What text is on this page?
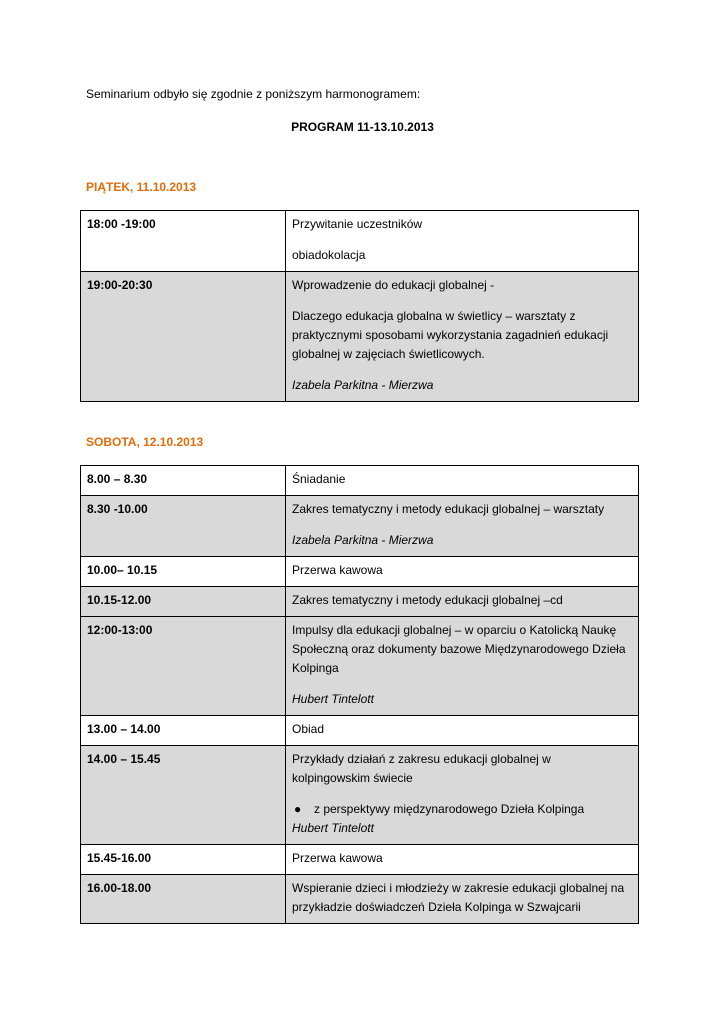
Seminarium odbyło się zgodnie z poniższym harmonogramem:
PROGRAM 11-13.10.2013
PIĄTEK, 11.10.2013
18:00 -19:00	Przywitanie uczestników
obiadokolacja

19:00-20:30	Wprowadzenie do edukacji globalnej -
Dlaczego edukacja globalna w świetlicy – warsztaty z praktycznymi sposobami wykorzystania zagadnień edukacji globalnej w zajęciach świetlicowych.
Izabela Parkitna - Mierzwa
SOBOTA, 12.10.2013
8.00 – 8.30	Śniadanie

8.30 -10.00	Zakres tematyczny i metody edukacji globalnej – warsztaty
Izabela Parkitna - Mierzwa

10.00– 10.15	Przerwa kawowa

10.15-12.00	Zakres tematyczny i metody edukacji globalnej –cd

12:00-13:00	Impulsy dla edukacji globalnej – w oparciu o Katolicką Naukę Społeczną oraz dokumenty bazowe Międzynarodowego Dzieła Kolpinga
Hubert Tintelott

13.00 – 14.00	Obiad

14.00 – 15.45	Przykłady działań z zakresu edukacji globalnej w kolpingowskim świecie
● z perspektywy międzynarodowego Dzieła Kolpinga
Hubert Tintelott

15.45-16.00	Przerwa kawowa

16.00-18.00	Wspieranie dzieci i młodzieży w zakresie edukacji globalnej na przykładzie doświadczeń Dzieła Kolpinga w Szwajcarii
